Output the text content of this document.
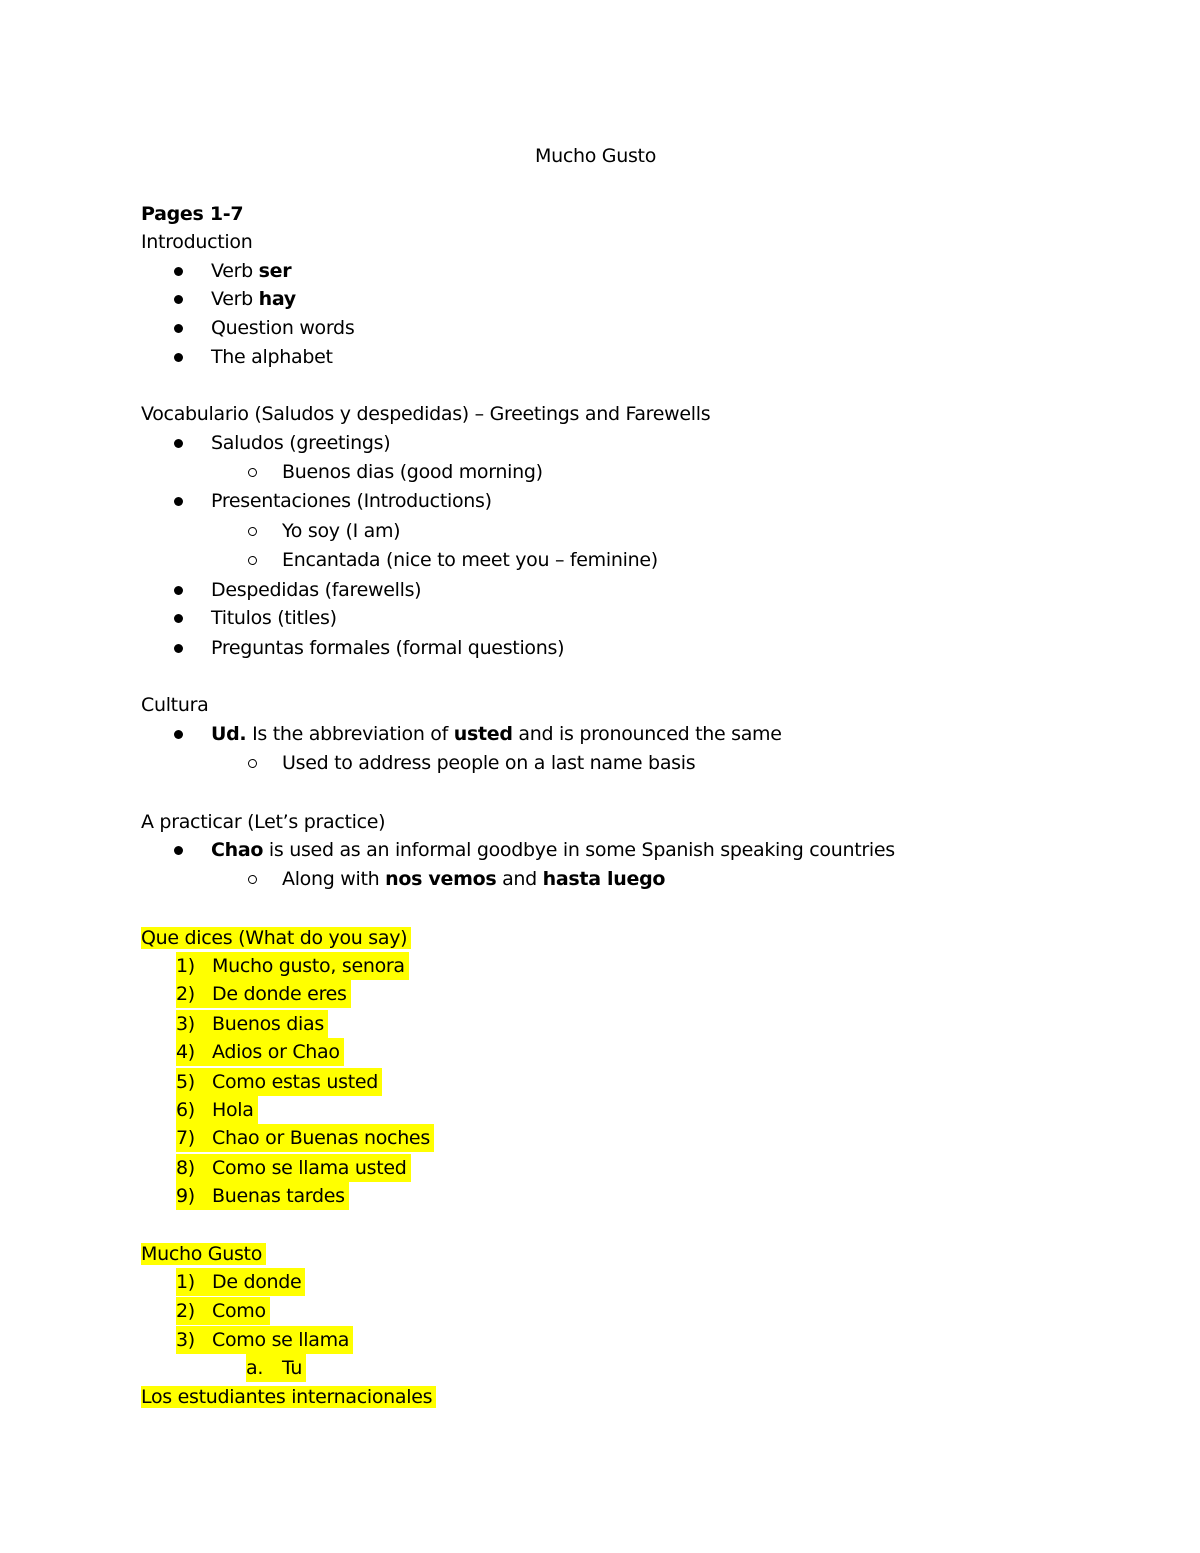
Mucho Gusto
Pages 1-7
Introduction
Verb ser
Verb hay
Question words
The alphabet
Vocabulario (Saludos y despedidas) – Greetings and Farewells
Saludos (greetings)
Buenos dias (good morning)
Presentaciones (Introductions)
Yo soy (I am)
Encantada (nice to meet you – feminine)
Despedidas (farewells)
Titulos (titles)
Preguntas formales (formal questions)
Cultura
Ud. Is the abbreviation of usted and is pronounced the same
Used to address people on a last name basis
A practicar (Let’s practice)
Chao is used as an informal goodbye in some Spanish speaking countries
Along with nos vemos and hasta luego
Que dices (What do you say)
1) Mucho gusto, senora
2) De donde eres
3) Buenos dias
4) Adios or Chao
5) Como estas usted
6) Hola
7) Chao or Buenas noches
8) Como se llama usted
9) Buenas tardes
Mucho Gusto
1) De donde
2) Como
3) Como se llama
a. Tu
Los estudiantes internacionales
